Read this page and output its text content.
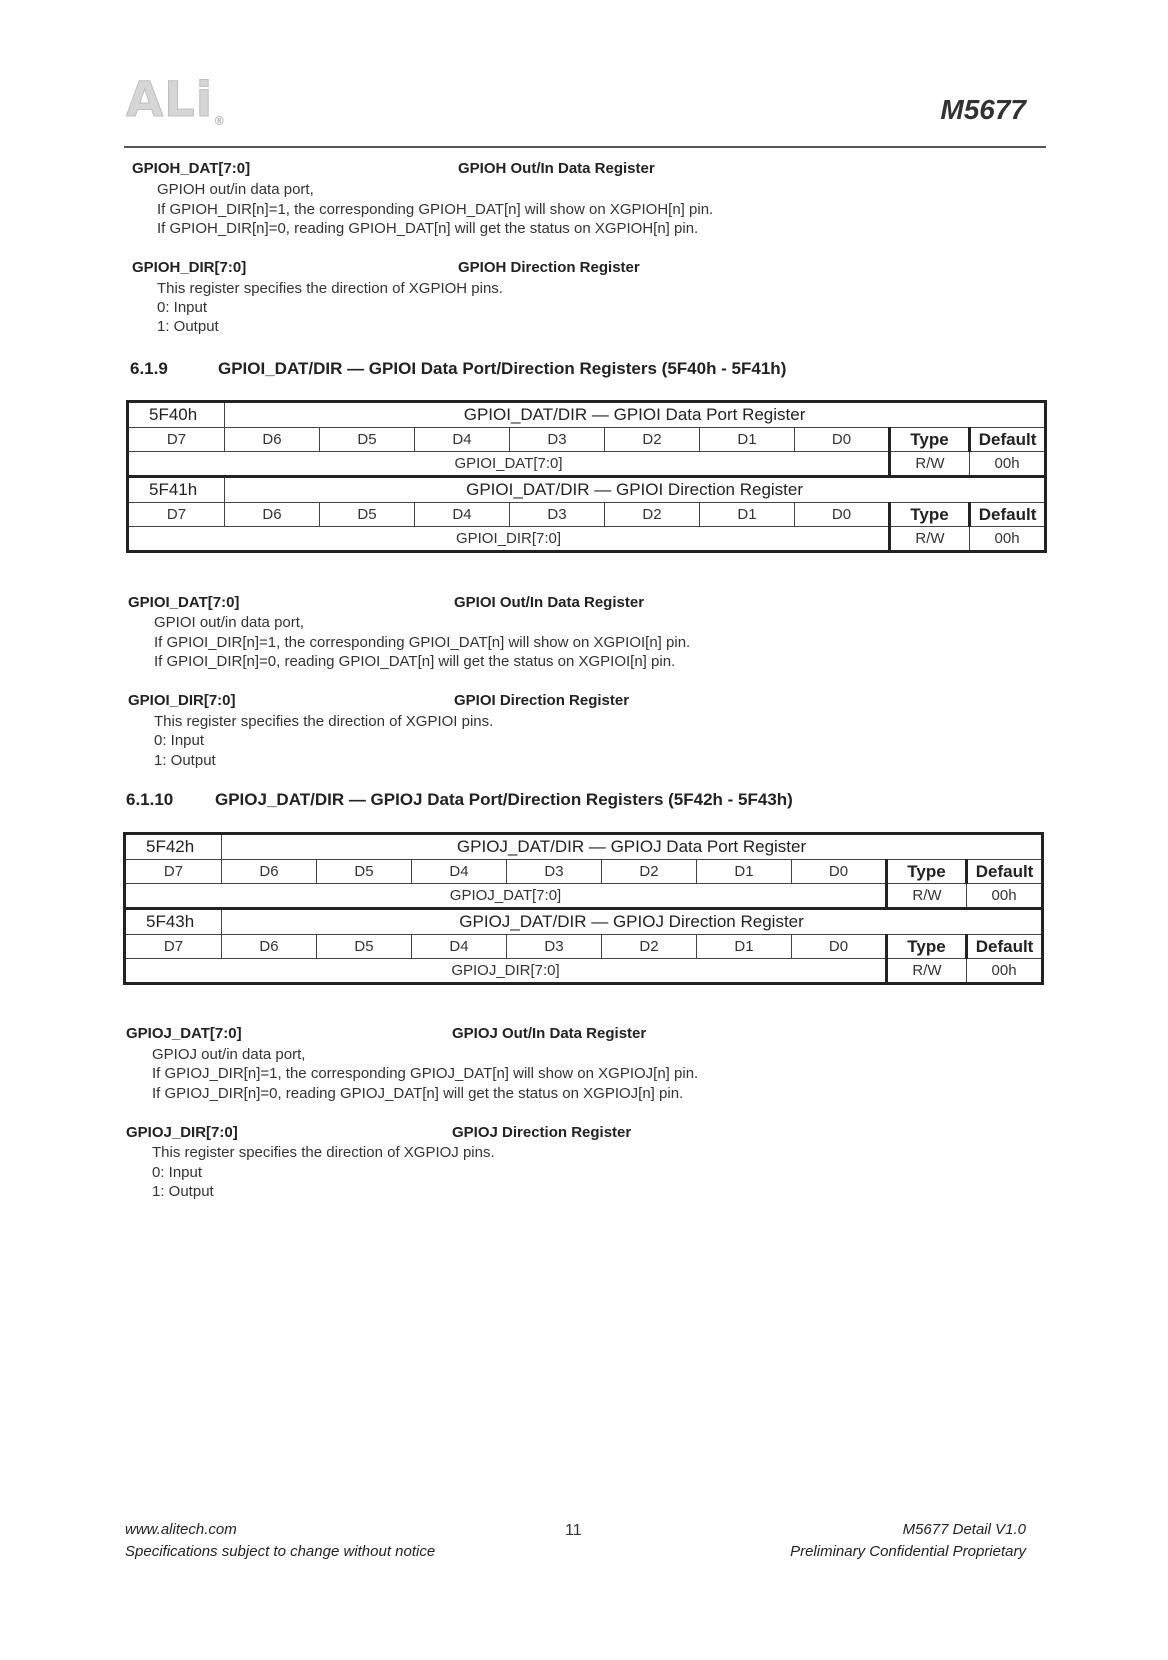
ALi®	M5677
GPIOH_DAT[7:0]	GPIOH Out/In Data Register
GPIOH out/in data port,
If GPIOH_DIR[n]=1, the corresponding GPIOH_DAT[n] will show on XGPIOH[n] pin.
If GPIOH_DIR[n]=0, reading GPIOH_DAT[n] will get the status on XGPIOH[n] pin.
GPIOH_DIR[7:0]	GPIOH Direction Register
This register specifies the direction of XGPIOH pins.
0: Input
1: Output
6.1.9	GPIOI_DAT/DIR — GPIOI Data Port/Direction Registers (5F40h - 5F41h)
5F40h	GPIOI_DAT/DIR — GPIOI Data Port Register								
D7	D6	D5	D4	D3	D2	D1	D0	Type	Default
GPIOI_DAT[7:0]								R/W	00h
5F41h	GPIOI_DAT/DIR — GPIOI Direction Register								
D7	D6	D5	D4	D3	D2	D1	D0	Type	Default
GPIOI_DIR[7:0]								R/W	00h
GPIOI_DAT[7:0]	GPIOI Out/In Data Register
GPIOI out/in data port,
If GPIOI_DIR[n]=1, the corresponding GPIOI_DAT[n] will show on XGPIOI[n] pin.
If GPIOI_DIR[n]=0, reading GPIOI_DAT[n] will get the status on XGPIOI[n] pin.
GPIOI_DIR[7:0]	GPIOI Direction Register
This register specifies the direction of XGPIOI pins.
0: Input
1: Output
6.1.10 GPIOJ_DAT/DIR — GPIOJ Data Port/Direction Registers (5F42h - 5F43h)
5F42h	GPIOJ_DAT/DIR — GPIOJ Data Port Register								
D7	D6	D5	D4	D3	D2	D1	D0	Type	Default
GPIOJ_DAT[7:0]								R/W	00h
5F43h	GPIOJ_DAT/DIR — GPIOJ Direction Register								
D7	D6	D5	D4	D3	D2	D1	D0	Type	Default
GPIOJ_DIR[7:0]								R/W	00h
GPIOJ_DAT[7:0]	GPIOJ Out/In Data Register
GPIOJ out/in data port,
If GPIOJ_DIR[n]=1, the corresponding GPIOJ_DAT[n] will show on XGPIOJ[n] pin.
If GPIOJ_DIR[n]=0, reading GPIOJ_DAT[n] will get the status on XGPIOJ[n] pin.
GPIOJ_DIR[7:0]	GPIOJ Direction Register
This register specifies the direction of XGPIOJ pins.
0: Input
1: Output
www.alitech.com
Specifications subject to change without notice
11	M5677 Detail V1.0
Preliminary Confidential Proprietary
